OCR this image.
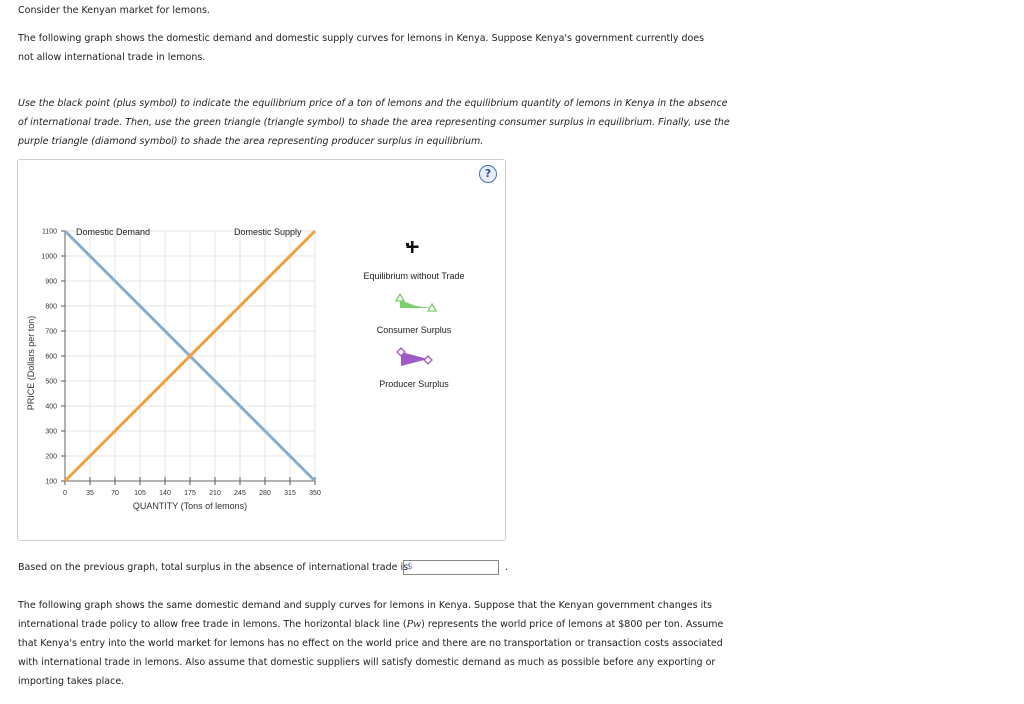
Consider the Kenyan market for lemons.

The following graph shows the domestic demand and domestic supply curves for lemons in Kenya. Suppose Kenya's government currently does not allow international trade in lemons.

Use the black point (plus symbol) to indicate the equilibrium price of a ton of lemons and the equilibrium quantity of lemons in Kenya in the absence of international trade. Then, use the green triangle (triangle symbol) to shade the area representing consumer surplus in equilibrium. Finally, use the purple triangle (diamond symbol) to shade the area representing producer surplus in equilibrium.

?
100
200
300
400
500
600
700
800
900
1000
1100
0	35 70 105 140 175 210 245 280 315 350
PRICE (Dollars per ton)
QUANTITY (Tons of lemons)
Domestic Demand	Domestic Supply
Equilibrium without Trade
Consumer Surplus
Producer Surplus
Based on the previous graph, total surplus in the absence of international trade is
$	.

The following graph shows the same domestic demand and supply curves for lemons in Kenya. Suppose that the Kenyan government changes its international trade policy to allow free trade in lemons. The horizontal black line (Pw) represents the world price of lemons at $800 per ton. Assume that Kenya's entry into the world market for lemons has no effect on the world price and there are no transportation or transaction costs associated with international trade in lemons. Also assume that domestic suppliers will satisfy domestic demand as much as possible before any exporting or importing takes place.
